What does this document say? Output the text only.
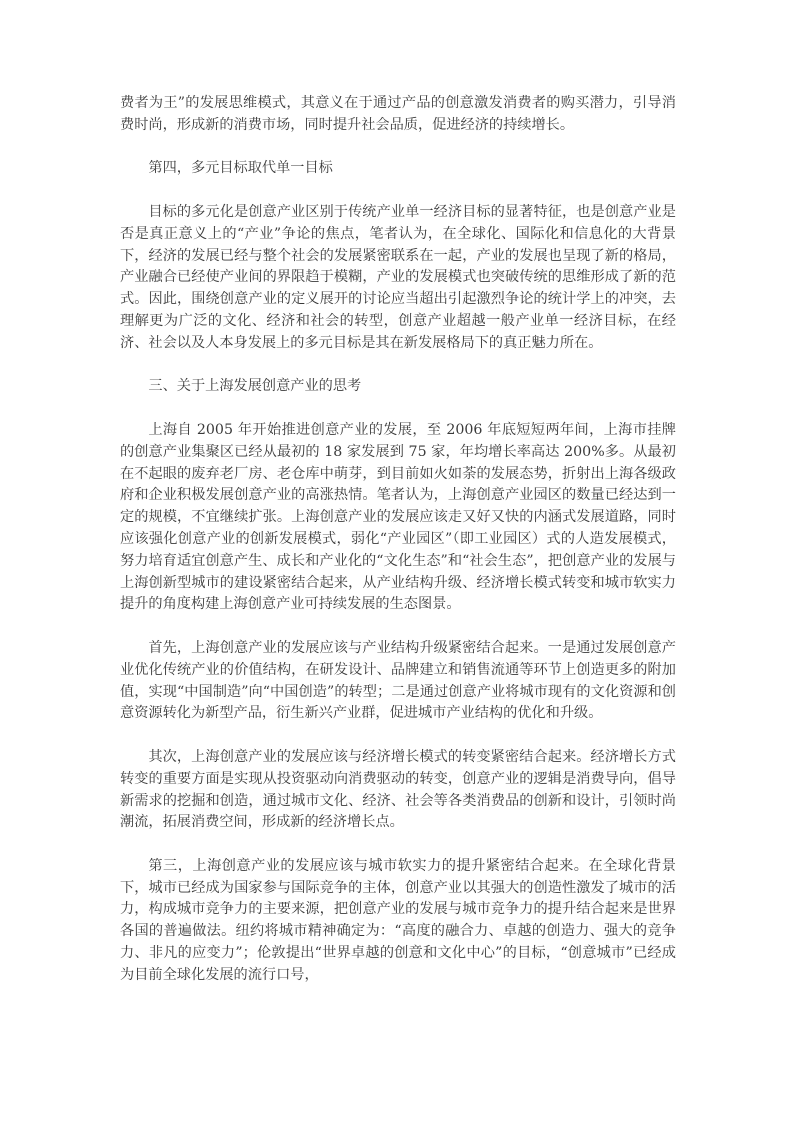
费者为王”的发展思维模式，其意义在于通过产品的创意激发消费者的购买潜力，引导消费时尚，形成新的消费市场，同时提升社会品质，促进经济的持续增长。

第四，多元目标取代单一目标

目标的多元化是创意产业区别于传统产业单一经济目标的显著特征，也是创意产业是否是真正意义上的“产业”争论的焦点，笔者认为，在全球化、国际化和信息化的大背景下，经济的发展已经与整个社会的发展紧密联系在一起，产业的发展也呈现了新的格局，产业融合已经使产业间的界限趋于模糊，产业的发展模式也突破传统的思维形成了新的范式。因此，围绕创意产业的定义展开的讨论应当超出引起激烈争论的统计学上的冲突，去理解更为广泛的文化、经济和社会的转型，创意产业超越一般产业单一经济目标，在经济、社会以及人本身发展上的多元目标是其在新发展格局下的真正魅力所在。

三、关于上海发展创意产业的思考

上海自 2005 年开始推进创意产业的发展，至 2006 年底短短两年间，上海市挂牌的创意产业集聚区已经从最初的 18 家发展到 75 家，年均增长率高达 200%多。从最初在不起眼的废弃老厂房、老仓库中萌芽，到目前如火如荼的发展态势，折射出上海各级政府和企业积极发展创意产业的高涨热情。笔者认为，上海创意产业园区的数量已经达到一定的规模，不宜继续扩张。上海创意产业的发展应该走又好又快的内涵式发展道路，同时应该强化创意产业的创新发展模式，弱化“产业园区”（即工业园区）式的人造发展模式，努力培育适宜创意产生、成长和产业化的“文化生态”和“社会生态”，把创意产业的发展与上海创新型城市的建设紧密结合起来，从产业结构升级、经济增长模式转变和城市软实力提升的角度构建上海创意产业可持续发展的生态图景。

首先，上海创意产业的发展应该与产业结构升级紧密结合起来。一是通过发展创意产业优化传统产业的价值结构，在研发设计、品牌建立和销售流通等环节上创造更多的附加值，实现“中国制造”向“中国创造”的转型；二是通过创意产业将城市现有的文化资源和创意资源转化为新型产品，衍生新兴产业群，促进城市产业结构的优化和升级。

其次，上海创意产业的发展应该与经济增长模式的转变紧密结合起来。经济增长方式转变的重要方面是实现从投资驱动向消费驱动的转变，创意产业的逻辑是消费导向，倡导新需求的挖掘和创造，通过城市文化、经济、社会等各类消费品的创新和设计，引领时尚潮流，拓展消费空间，形成新的经济增长点。

第三，上海创意产业的发展应该与城市软实力的提升紧密结合起来。在全球化背景下，城市已经成为国家参与国际竞争的主体，创意产业以其强大的创造性激发了城市的活力，构成城市竞争力的主要来源，把创意产业的发展与城市竞争力的提升结合起来是世界各国的普遍做法。纽约将城市精神确定为：“高度的融合力、卓越的创造力、强大的竞争力、非凡的应变力”；伦敦提出“世界卓越的创意和文化中心”的目标，“创意城市”已经成为目前全球化发展的流行口号，
